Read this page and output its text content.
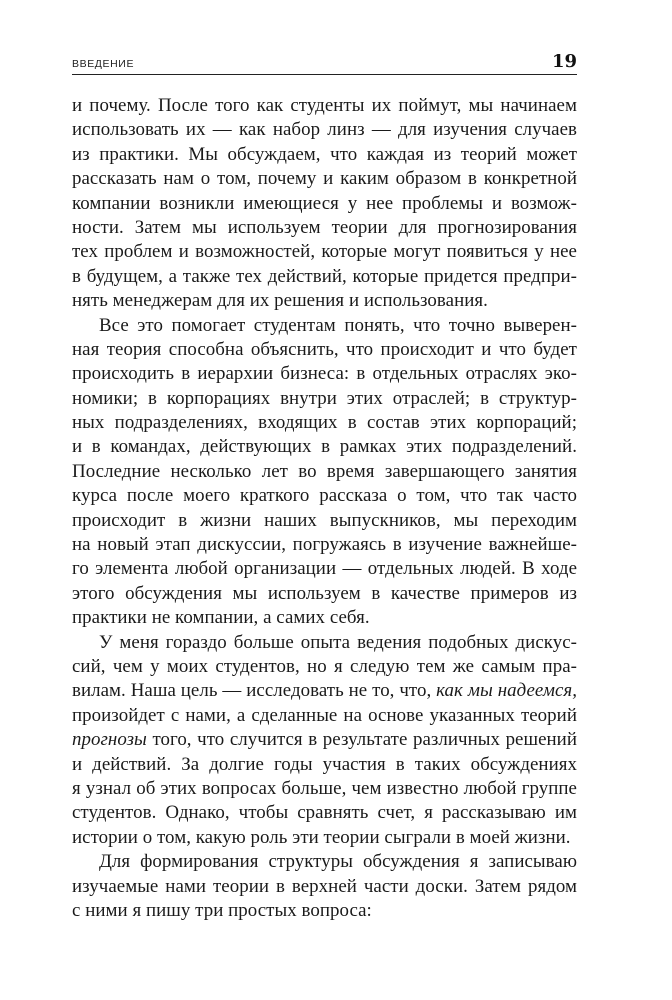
ВВЕДЕНИЕ	19
и почему. После того как студенты их поймут, мы начинаем
использовать их — как набор линз — для изучения случаев
из практики. Мы обсуждаем, что каждая из теорий может
рассказать нам о том, почему и каким образом в конкретной
компании возникли имеющиеся у нее проблемы и возмож-
ности. Затем мы используем теории для прогнозирования
тех проблем и возможностей, которые могут появиться у нее
в будущем, а также тех действий, которые придется предпри-
нять менеджерам для их решения и использования.
Все это помогает студентам понять, что точно выверен-
ная теория способна объяснить, что происходит и что будет
происходить в иерархии бизнеса: в отдельных отраслях эко-
номики; в корпорациях внутри этих отраслей; в структур-
ных подразделениях, входящих в состав этих корпораций;
и в командах, действующих в рамках этих подразделений.
Последние несколько лет во время завершающего занятия
курса после моего краткого рассказа о том, что так часто
происходит в жизни наших выпускников, мы переходим
на новый этап дискуссии, погружаясь в изучение важнейше-
го элемента любой организации — отдельных людей. В ходе
этого обсуждения мы используем в качестве примеров из
практики не компании, а самих себя.
У меня гораздо больше опыта ведения подобных дискус-
сий, чем у моих студентов, но я следую тем же самым пра-
вилам. Наша цель — исследовать не то, что, как мы надеемся,
произойдет с нами, а сделанные на основе указанных теорий
прогнозы того, что случится в результате различных решений
и действий. За долгие годы участия в таких обсуждениях
я узнал об этих вопросах больше, чем известно любой группе
студентов. Однако, чтобы сравнять счет, я рассказываю им
истории о том, какую роль эти теории сыграли в моей жизни.
Для формирования структуры обсуждения я записываю
изучаемые нами теории в верхней части доски. Затем рядом
с ними я пишу три простых вопроса:
